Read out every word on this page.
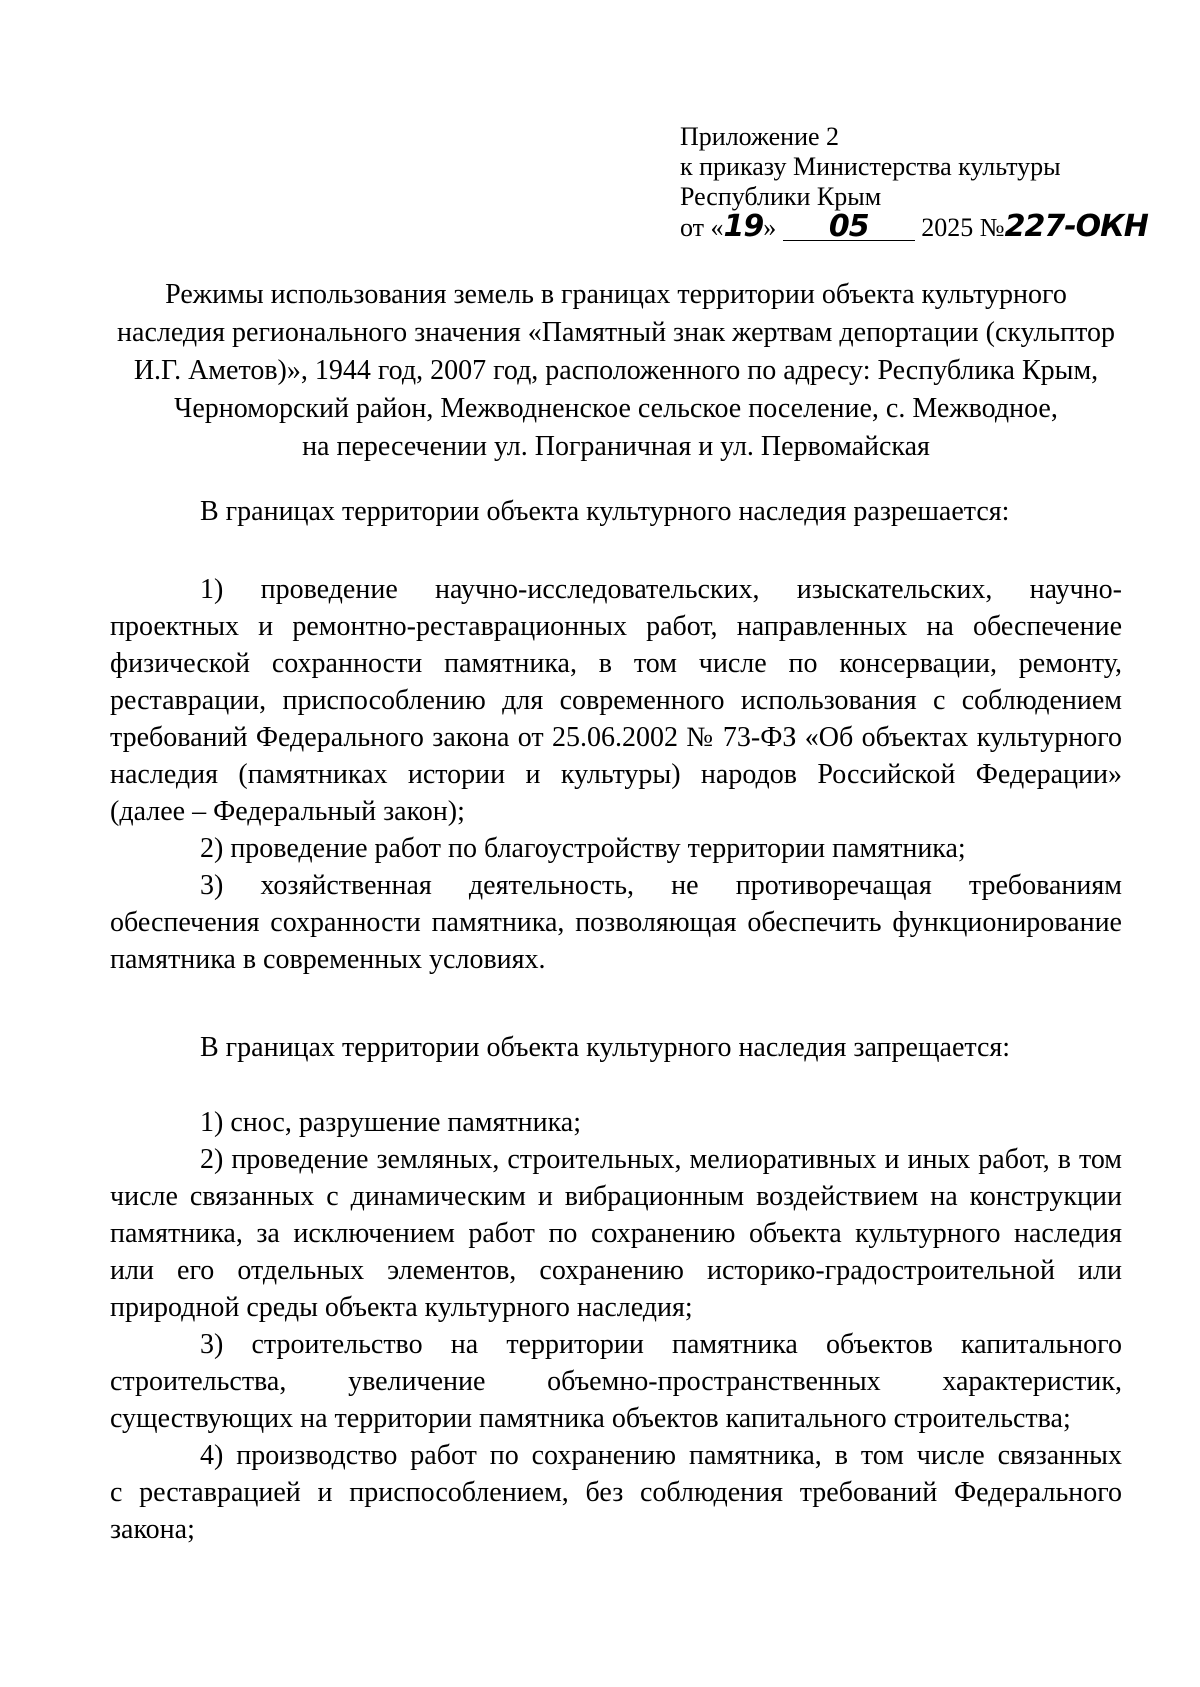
Приложение 2
к приказу Министерства культуры
Республики Крым
от «19» 05 2025 №227-ОКН
Режимы использования земель в границах территории объекта культурного
наследия регионального значения «Памятный знак жертвам депортации (скульптор
И.Г. Аметов)», 1944 год, 2007 год, расположенного по адресу: Республика Крым,
Черноморский район, Межводненское сельское поселение, с. Межводное,
на пересечении ул. Пограничная и ул. Первомайская
В границах территории объекта культурного наследия разрешается:
1) проведение научно-исследовательских, изыскательских, научно-
проектных и ремонтно-реставрационных работ, направленных на обеспечение
физической сохранности памятника, в том числе по консервации, ремонту,
реставрации, приспособлению для современного использования с соблюдением
требований Федерального закона от 25.06.2002 № 73-ФЗ «Об объектах культурного
наследия (памятниках истории и культуры) народов Российской Федерации»
(далее – Федеральный закон);
2) проведение работ по благоустройству территории памятника;
3) хозяйственная деятельность, не противоречащая требованиям
обеспечения сохранности памятника, позволяющая обеспечить функционирование
памятника в современных условиях.
В границах территории объекта культурного наследия запрещается:
1) снос, разрушение памятника;
2) проведение земляных, строительных, мелиоративных и иных работ, в том
числе связанных с динамическим и вибрационным воздействием на конструкции
памятника, за исключением работ по сохранению объекта культурного наследия
или его отдельных элементов, сохранению историко-градостроительной или
природной среды объекта культурного наследия;
3) строительство на территории памятника объектов капитального
строительства, увеличение объемно-пространственных характеристик,
существующих на территории памятника объектов капитального строительства;
4) производство работ по сохранению памятника, в том числе связанных
с реставрацией и приспособлением, без соблюдения требований Федерального
закона;
